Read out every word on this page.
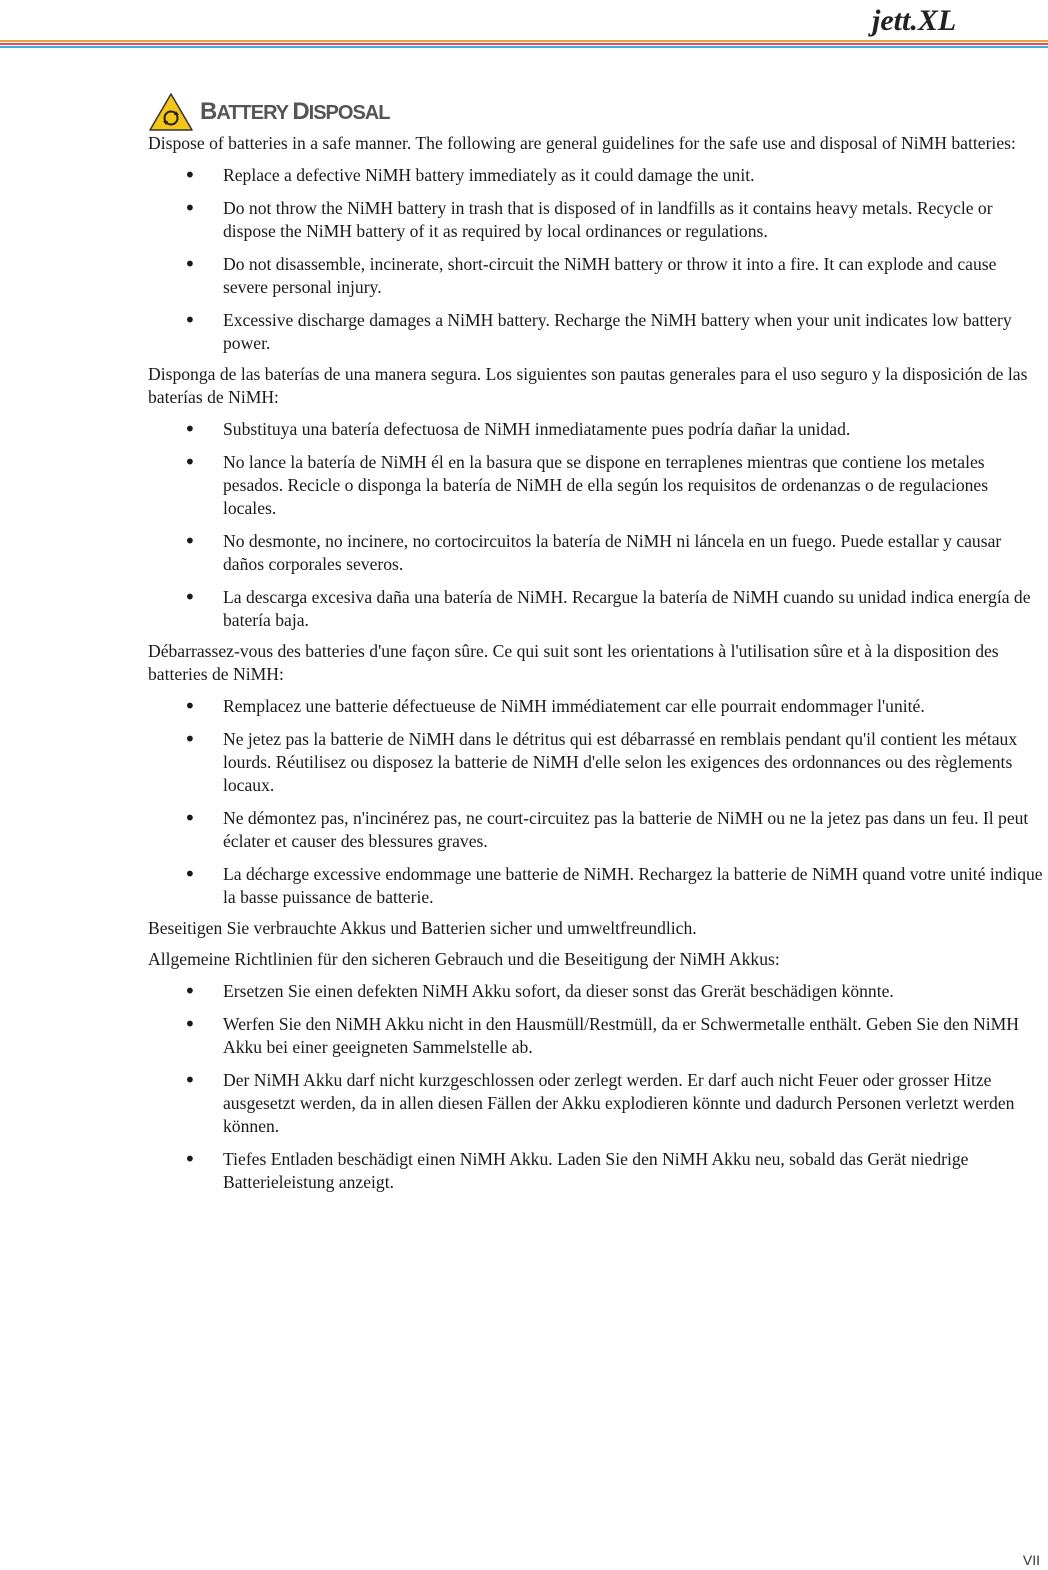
jett.XL
BATTERY DISPOSAL

Dispose of batteries in a safe manner. The following are general guidelines for the safe use and disposal of NiMH batteries:

• Replace a defective NiMH battery immediately as it could damage the unit.
• Do not throw the NiMH battery in trash that is disposed of in landfills as it contains heavy metals. Recycle or dispose the NiMH battery of it as required by local ordinances or regulations.
• Do not disassemble, incinerate, short-circuit the NiMH battery or throw it into a fire. It can explode and cause severe personal injury.
• Excessive discharge damages a NiMH battery. Recharge the NiMH battery when your unit indicates low battery power.

Disponga de las baterías de una manera segura. Los siguientes son pautas generales para el uso seguro y la disposición de las baterías de NiMH:

• Substituya una batería defectuosa de NiMH inmediatamente pues podría dañar la unidad.
• No lance la batería de NiMH él en la basura que se dispone en terraplenes mientras que contiene los metales pesados. Recicle o disponga la batería de NiMH de ella según los requisitos de ordenanzas o de regulaciones locales.
• No desmonte, no incinere, no cortocircuitos la batería de NiMH ni láncela en un fuego. Puede estallar y causar daños corporales severos.
• La descarga excesiva daña una batería de NiMH. Recargue la batería de NiMH cuando su unidad indica energía de batería baja.

Débarrassez-vous des batteries d'une façon sûre. Ce qui suit sont les orientations à l'utilisation sûre et à la disposition des batteries de NiMH:

• Remplacez une batterie défectueuse de NiMH immédiatement car elle pourrait endommager l'unité.
• Ne jetez pas la batterie de NiMH dans le détritus qui est débarrassé en remblais pendant qu'il contient les métaux lourds. Réutilisez ou disposez la batterie de NiMH d'elle selon les exigences des ordonnances ou des règlements locaux.
• Ne démontez pas, n'incinérez pas, ne court-circuitez pas la batterie de NiMH ou ne la jetez pas dans un feu. Il peut éclater et causer des blessures graves.
• La décharge excessive endommage une batterie de NiMH. Rechargez la batterie de NiMH quand votre unité indique la basse puissance de batterie.

Beseitigen Sie verbrauchte Akkus und Batterien sicher und umweltfreundlich.

Allgemeine Richtlinien für den sicheren Gebrauch und die Beseitigung der NiMH Akkus:

• Ersetzen Sie einen defekten NiMH Akku sofort, da dieser sonst das Grerät beschädigen könnte.
• Werfen Sie den NiMH Akku nicht in den Hausmüll/Restmüll, da er Schwermetalle enthält. Geben Sie den NiMH Akku bei einer geeigneten Sammelstelle ab.
• Der NiMH Akku darf nicht kurzgeschlossen oder zerlegt werden. Er darf auch nicht Feuer oder grosser Hitze ausgesetzt werden, da in allen diesen Fällen der Akku explodieren könnte und dadurch Personen verletzt werden können.
• Tiefes Entladen beschädigt einen NiMH Akku. Laden Sie den NiMH Akku neu, sobald das Gerät niedrige Batterieleistung anzeigt.
VII
